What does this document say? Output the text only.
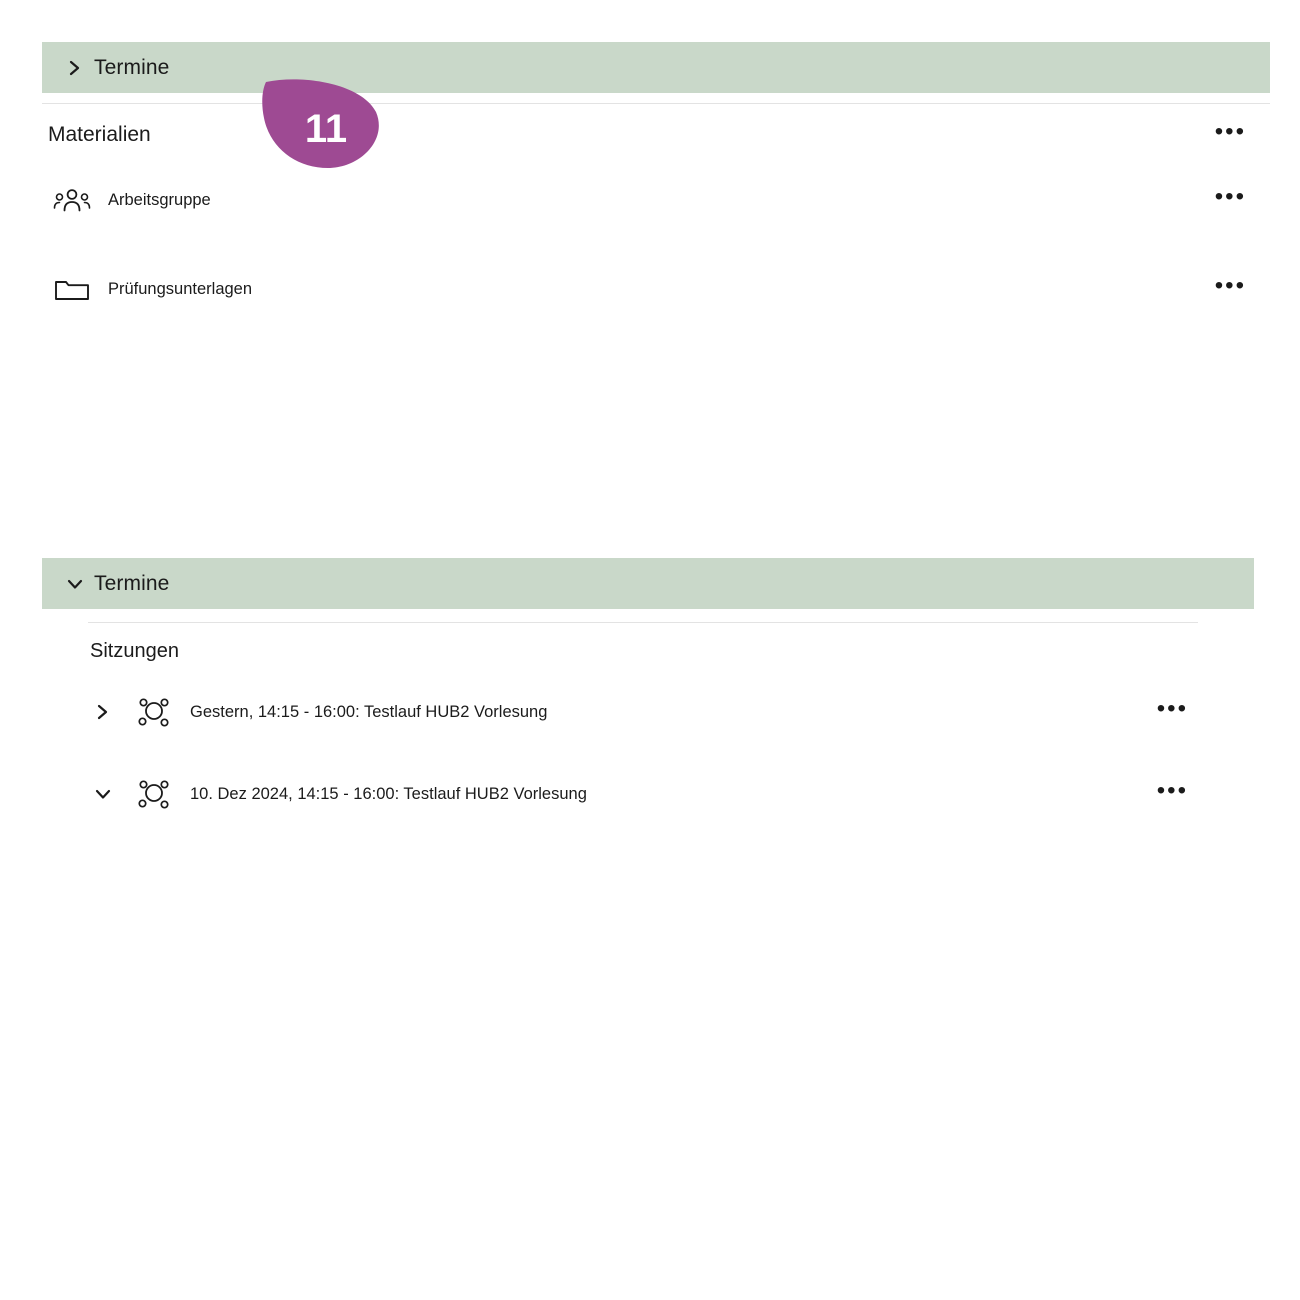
Termine
Materialien	•••
Arbeitsgruppe	•••
Prüfungsunterlagen	•••
Termine
Sitzungen
Gestern, 14:15 - 16:00: Testlauf HUB2 Vorlesung	•••
10. Dez 2024, 14:15 - 16:00: Testlauf HUB2 Vorlesung	•••
11
